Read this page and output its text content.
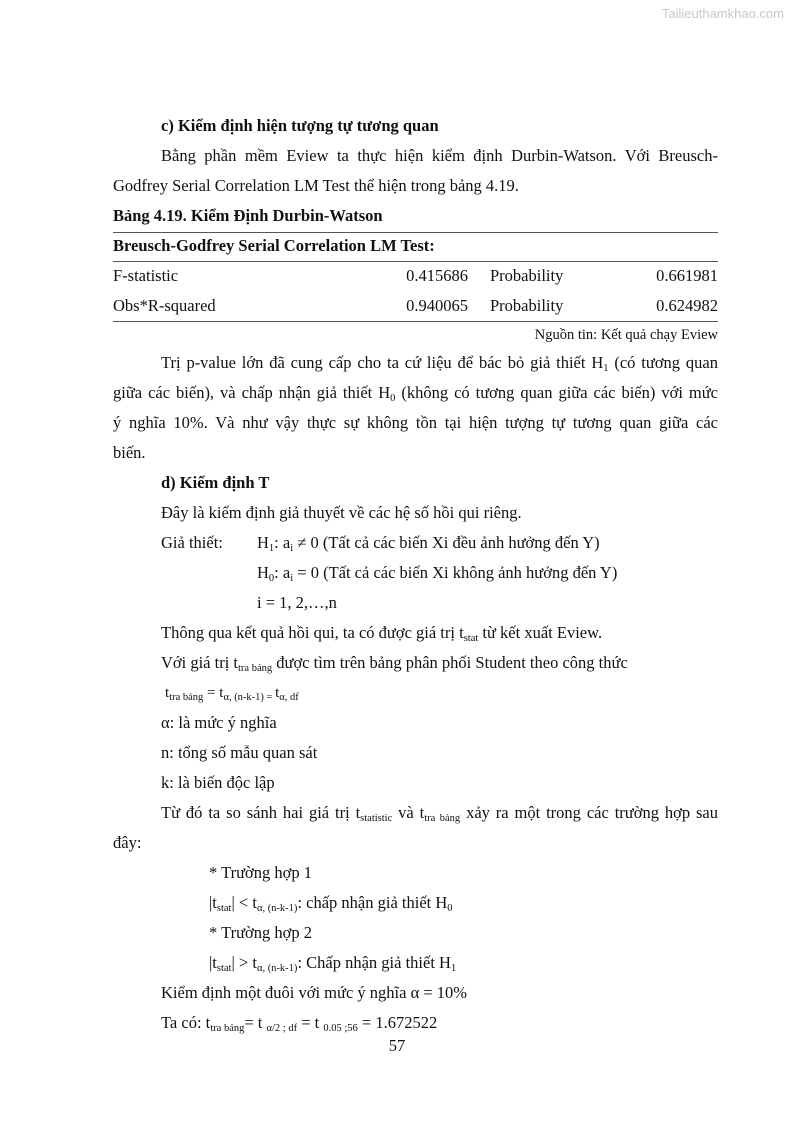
Tailieuthamkhao.com
c) Kiểm định hiện tượng tự tương quan
Bằng phần mềm Eview ta thực hiện kiểm định Durbin-Watson. Với Breusch-
Godfrey Serial Correlation LM Test thể hiện trong bảng 4.19.
Bảng 4.19. Kiểm Định Durbin-Watson
Breusch-Godfrey Serial Correlation LM Test:
F-statistic	0.415686 Probability	0.661981
Obs*R-squared	0.940065 Probability	0.624982
Nguồn tin: Kết quả chạy Eview
Trị p-value lớn đã cung cấp cho ta cứ liệu để bác bỏ giả thiết $H_1$ (có tương quan
giữa các biến), và chấp nhận giả thiết $H_0$ (không có tương quan giữa các biến) với mức
ý nghĩa 10%. Và như vậy thực sự không tồn tại hiện tượng tự tương quan giữa các
biến.
d) Kiểm định T
Đây là kiểm định giả thuyết về các hệ số hồi qui riêng.
Giả thiết: $H_1$: $a_i \ne 0$ (Tất cả các biến Xi đều ảnh hưởng đến Y)
$H_0$: $a_i = 0$ (Tất cả các biến Xi không ảnh hưởng đến Y)
i = 1, 2,…,n
Thông qua kết quả hồi qui, ta có được giá trị $t_{stat}$ từ kết xuất Eview.
Với giá trị $t_{tra bảng}$ được tìm trên bảng phân phối Student theo công thức
$t_{tra bảng} = t_{\alpha, (n-k-1) =}$ $t_{\alpha, df}$
α: là mức ý nghĩa
n: tổng số mẫu quan sát
k: là biến độc lập
Từ đó ta so sánh hai giá trị $t_{statistic}$ và $t_{tra bảng}$ xảy ra một trong các trường hợp sau
đây:
* Trường hợp 1
$|t_{stat}| < t_{\alpha, (n-k-1)}$: chấp nhận giả thiết $H_0$
* Trường hợp 2
$|t_{stat}| > t_{\alpha, (n-k-1)}$: Chấp nhận giả thiết $H_1$
Kiểm định một đuôi với mức ý nghĩa α = 10%
Ta có: $t_{tra bảng}= t$ $_{\alpha/2 ; df}$ = t $_{0.05 ;56}$ = 1.672522
57
